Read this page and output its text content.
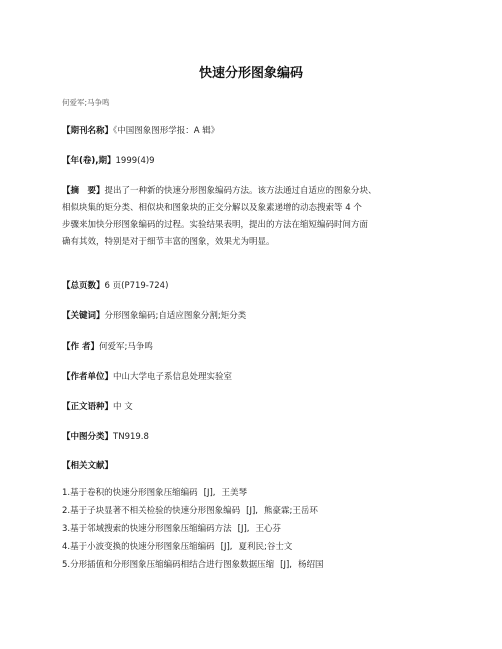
快速分形图象编码
何爱军;马争鸣
【期刊名称】《中国图象图形学报：A 辑》
【年(卷),期】1999(4)9
【摘　要】提出了一种新的快速分形图象编码方法。该方法通过自适应的图象分块、
相似块集的矩分类、相似块和图象块的正交分解以及象素递增的动态搜索等 4 个
步骤来加快分形图象编码的过程。实验结果表明，提出的方法在缩短编码时间方面
确有其效，特别是对于细节丰富的图象，效果尤为明显。
【总页数】6 页(P719-724)
【关键词】分形图象编码;自适应图象分割;矩分类
【作 者】何爱军;马争鸣
【作者单位】中山大学电子系信息处理实验室
【正文语种】中 文
【中图分类】TN919.8
【相关文献】
1.基于卷积的快速分形图象压缩编码 [J], 王美琴
2.基于子块显著不相关检验的快速分形图象编码 [J], 熊豪霖;王岳环
3.基于邻域搜索的快速分形图象压缩编码方法 [J], 王心芬
4.基于小波变换的快速分形图象压缩编码 [J], 夏利民;谷士文
5.分形插值和分形图象压缩编码相结合进行图象数据压缩 [J], 杨绍国
